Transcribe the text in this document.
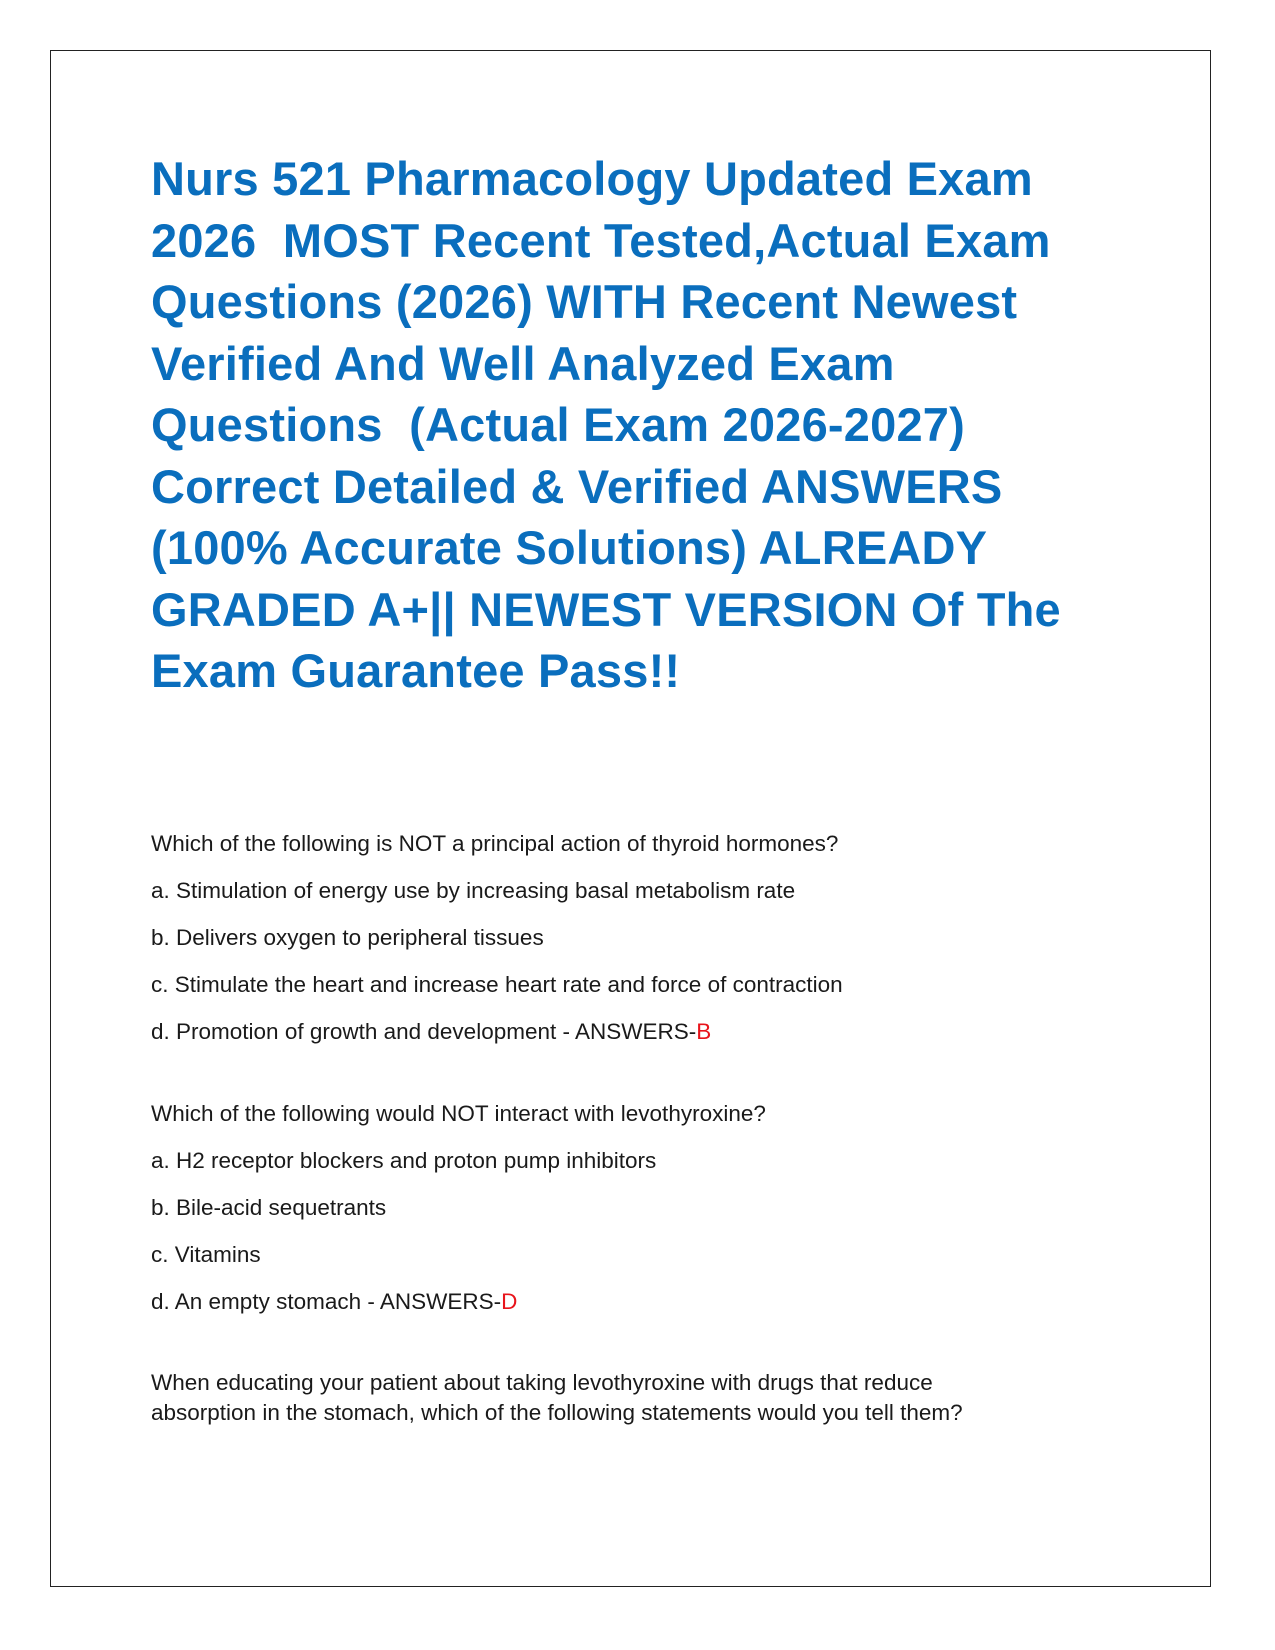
Nurs 521 Pharmacology Updated Exam
2026  MOST Recent Tested,Actual Exam
Questions (2026) WITH Recent Newest
Verified And Well Analyzed Exam
Questions  (Actual Exam 2026-2027)
Correct Detailed & Verified ANSWERS
(100% Accurate Solutions) ALREADY
GRADED A+|| NEWEST VERSION Of The
Exam Guarantee Pass!!

Which of the following is NOT a principal action of thyroid hormones?

a. Stimulation of energy use by increasing basal metabolism rate

b. Delivers oxygen to peripheral tissues

c. Stimulate the heart and increase heart rate and force of contraction

d. Promotion of growth and development - ANSWERS-B

Which of the following would NOT interact with levothyroxine?

a. H2 receptor blockers and proton pump inhibitors

b. Bile-acid sequetrants

c. Vitamins

d. An empty stomach - ANSWERS-D

When educating your patient about taking levothyroxine with drugs that reduce
absorption in the stomach, which of the following statements would you tell them?
